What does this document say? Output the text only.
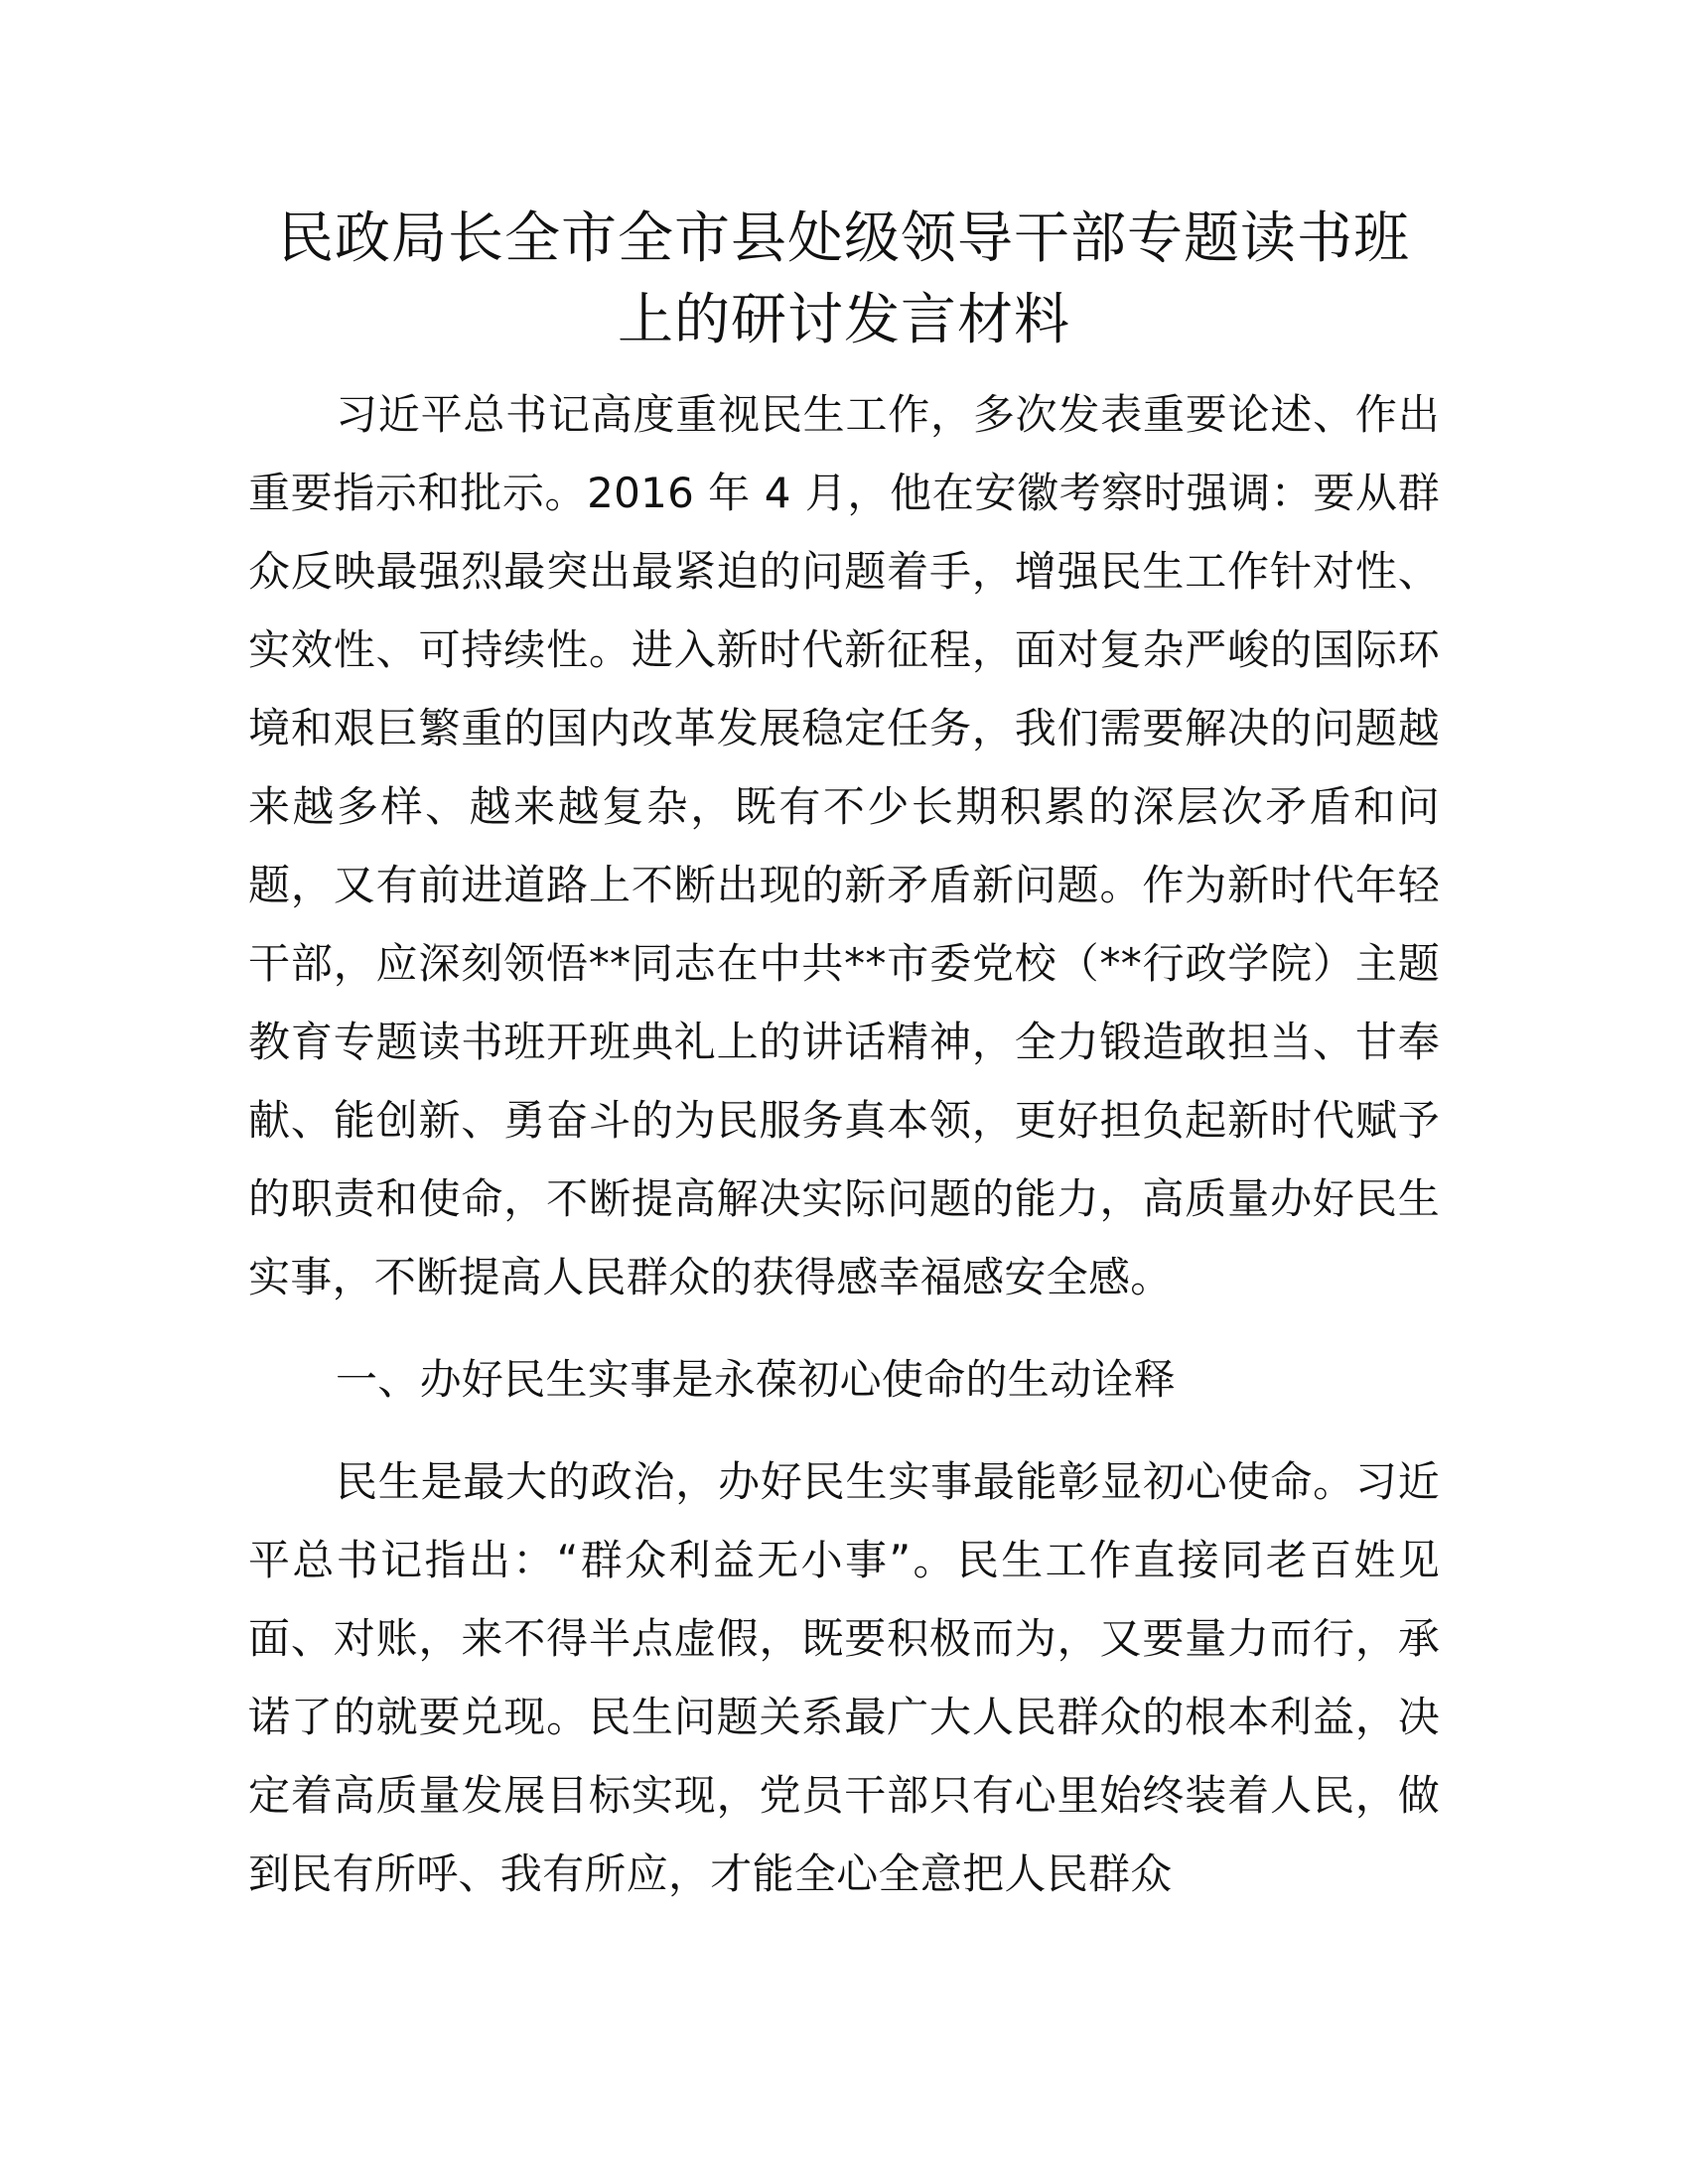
民政局长全市全市县处级领导干部专题读书班
上的研讨发言材料

习近平总书记高度重视民生工作，多次发表重要论述、作出重要指示和批示。2016 年 4 月，他在安徽考察时强调：要从群众反映最强烈最突出最紧迫的问题着手，增强民生工作针对性、实效性、可持续性。进入新时代新征程，面对复杂严峻的国际环境和艰巨繁重的国内改革发展稳定任务，我们需要解决的问题越来越多样、越来越复杂，既有不少长期积累的深层次矛盾和问题，又有前进道路上不断出现的新矛盾新问题。作为新时代年轻干部，应深刻领悟**同志在中共**市委党校（**行政学院）主题教育专题读书班开班典礼上的讲话精神，全力锻造敢担当、甘奉献、能创新、勇奋斗的为民服务真本领，更好担负起新时代赋予的职责和使命，不断提高解决实际问题的能力，高质量办好民生实事，不断提高人民群众的获得感幸福感安全感。

一、办好民生实事是永葆初心使命的生动诠释

民生是最大的政治，办好民生实事最能彰显初心使命。习近平总书记指出：“群众利益无小事”。民生工作直接同老百姓见面、对账，来不得半点虚假，既要积极而为，又要量力而行，承诺了的就要兑现。民生问题关系最广大人民群众的根本利益，决定着高质量发展目标实现，党员干部只有心里始终装着人民，做到民有所呼、我有所应，才能全心全意把人民群众
